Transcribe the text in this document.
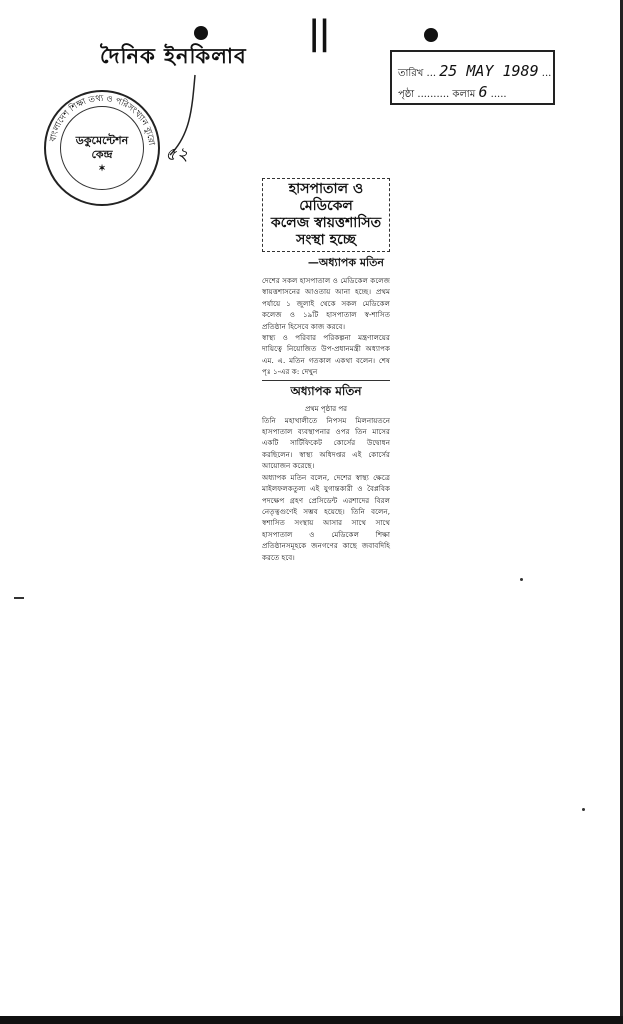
||
দৈনিক ইনকিলাব
তারিখ ... 25 MAY 1989 ...
পৃষ্ঠা .......... কলাম 6 .....
বাংলাদেশ শিক্ষা তথ্য ও পরিসংখ্যান ব্যুরো
ডকুমেন্টেশন
কেন্দ্র
✶
৫২
হাসপাতাল ও মেডিকেল
কলেজ স্বায়ত্তশাসিত
সংস্থা হচ্ছে
—অধ্যাপক মতিন

দেশের সকল হাসপাতাল ও মেডিকেল কলেজ স্বায়ত্তশাসনের আওতায় আনা হচ্ছে। প্রথম পর্যায়ে ১ জুলাই থেকে সকল মেডিকেল কলেজ ও ১৯টি হাসপাতাল স্ব-শাসিত প্রতিষ্ঠান হিসেবে কাজ করবে।

স্বাস্থ্য ও পরিবার পরিকল্পনা মন্ত্রণালয়ের দায়িত্বে নিয়োজিত উপ-প্রধানমন্ত্রী অধ্যাপক এম. এ. মতিন গতকাল একথা বলেন। শেষ পৃঃ ১-এর ক: দেখুন

অধ্যাপক মতিন
প্রথম পৃষ্ঠার পর

তিনি মহাখালীতে নিপসম মিলনায়তনে হাসপাতাল ব্যবস্থাপনার ওপর তিন মাসের একটি সার্টিফিকেট কোর্সের উদ্বোধন করছিলেন। স্বাস্থ্য অধিদপ্তর এই কোর্সের আয়োজন করেছে।

অধ্যাপক মতিন বলেন, দেশের স্বাস্থ্য ক্ষেত্রে মাইলফলকতুল্য এই যুগান্তকারী ও বৈপ্লবিক পদক্ষেপ গ্রহণ প্রেসিডেন্ট এরশাদের বিরল নেতৃত্বগুণেই সম্ভব হয়েছে। তিনি বলেন, স্বশাসিত সংস্থায় আসার সাথে সাথে হাসপাতাল ও মেডিকেল শিক্ষা প্রতিষ্ঠানসমূহকে জনগণের কাছে জবাবদিহি করতে হবে।
